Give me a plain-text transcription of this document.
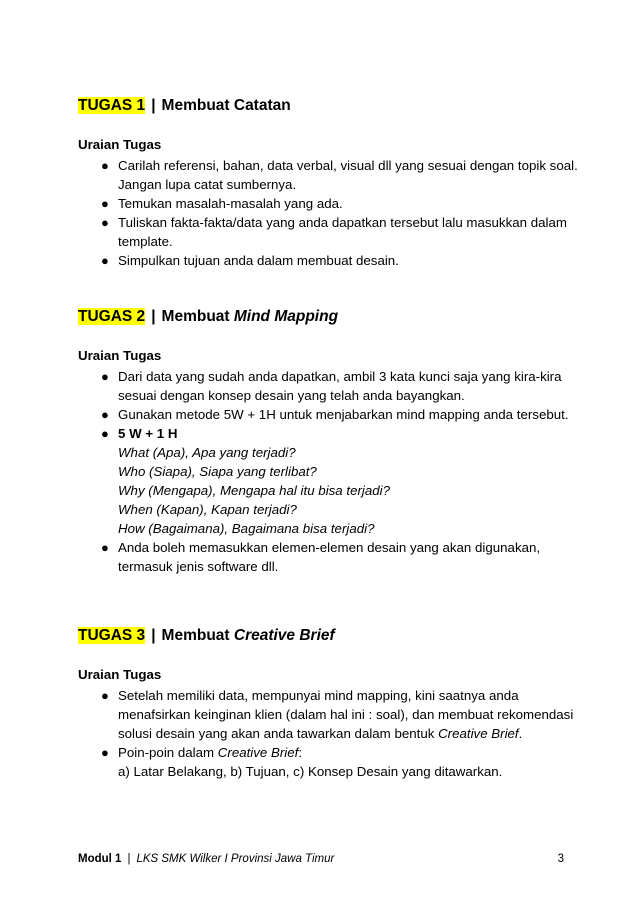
TUGAS 1 | Membuat Catatan
Uraian Tugas
● Carilah referensi, bahan, data verbal, visual dll yang sesuai dengan topik soal. Jangan lupa catat sumbernya.
● Temukan masalah-masalah yang ada.
● Tuliskan fakta-fakta/data yang anda dapatkan tersebut lalu masukkan dalam template.
● Simpulkan tujuan anda dalam membuat desain.
TUGAS 2 | Membuat Mind Mapping
Uraian Tugas
● Dari data yang sudah anda dapatkan, ambil 3 kata kunci saja yang kira-kira sesuai dengan konsep desain yang telah anda bayangkan.
● Gunakan metode 5W + 1H untuk menjabarkan mind mapping anda tersebut.
● 5 W + 1 H
What (Apa), Apa yang terjadi?
Who (Siapa), Siapa yang terlibat?
Why (Mengapa), Mengapa hal itu bisa terjadi?
When (Kapan), Kapan terjadi?
How (Bagaimana), Bagaimana bisa terjadi?
● Anda boleh memasukkan elemen-elemen desain yang akan digunakan, termasuk jenis software dll.
TUGAS 3 | Membuat Creative Brief
Uraian Tugas
● Setelah memiliki data, mempunyai mind mapping, kini saatnya anda menafsirkan keinginan klien (dalam hal ini : soal), dan membuat rekomendasi solusi desain yang akan anda tawarkan dalam bentuk Creative Brief.
● Poin-poin dalam Creative Brief:
a) Latar Belakang, b) Tujuan, c) Konsep Desain yang ditawarkan.
Modul 1 | LKS SMK Wilker I Provinsi Jawa Timur	3
